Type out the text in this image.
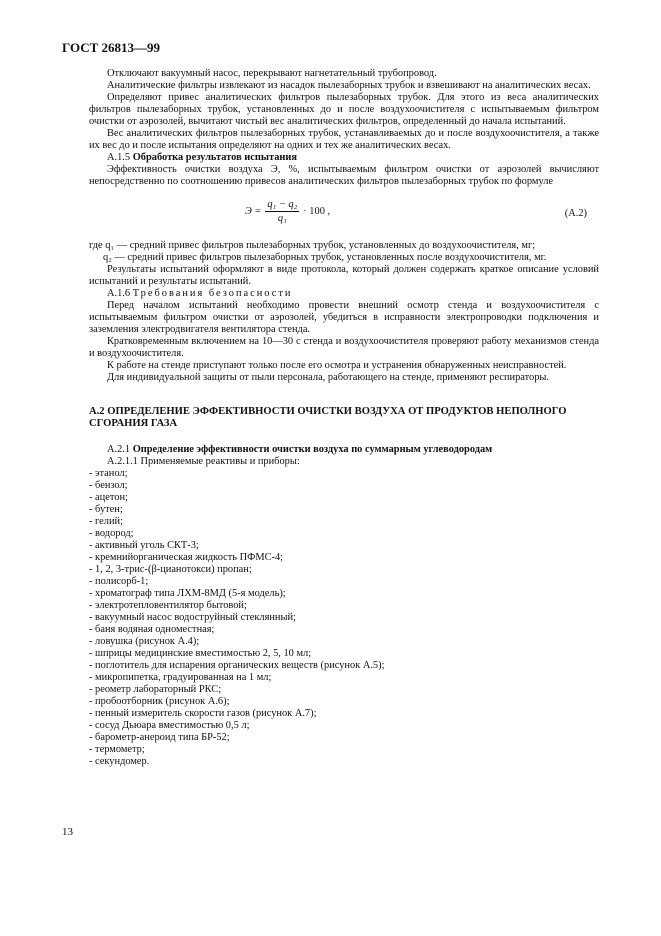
ГОСТ 26813—99
Отключают вакуумный насос, перекрывают нагнетательный трубопровод.
Аналитические фильтры извлекают из насадок пылезаборных трубок и взвешивают на аналитических весах.
Определяют привес аналитических фильтров пылезаборных трубок. Для этого из веса аналитических фильтров пылезаборных трубок, установленных до и после воздухоочистителя с испытываемым фильтром очистки от аэрозолей, вычитают чистый вес аналитических фильтров, определенный до начала испытаний.
Вес аналитических фильтров пылезаборных трубок, устанавливаемых до и после воздухоочистителя, а также их вес до и после испытания определяют на одних и тех же аналитических весах.
А.1.5 Обработка результатов испытания
Эффективность очистки воздуха Э, %, испытываемым фильтром очистки от аэрозолей вычисляют непосредственно по соотношению привесов аналитических фильтров пылезаборных трубок по формуле
$Э = \frac{\text{q₁ − q₂}}{\text{q₁}} \cdot 100$ ,	(А.2)
где q₁ — средний привес фильтров пылезаборных трубок, установленных до воздухоочистителя, мг;
q₂ — средний привес фильтров пылезаборных трубок, установленных после воздухоочистителя, мг.
Результаты испытаний оформляют в виде протокола, который должен содержать краткое описание условий испытаний и результаты испытаний.
А.1.6 Требования безопасности
Перед началом испытаний необходимо провести внешний осмотр стенда и воздухоочистителя с испытываемым фильтром очистки от аэрозолей, убедиться в исправности электропроводки подключения и заземления электродвигателя вентилятора стенда.
Кратковременным включением на 10—30 с стенда и воздухоочистителя проверяют работу механизмов стенда и воздухоочистителя.
К работе на стенде приступают только после его осмотра и устранения обнаруженных неисправностей.
Для индивидуальной защиты от пыли персонала, работающего на стенде, применяют респираторы.
А.2 ОПРЕДЕЛЕНИЕ ЭФФЕКТИВНОСТИ ОЧИСТКИ ВОЗДУХА ОТ ПРОДУКТОВ НЕПОЛНОГО СГОРАНИЯ ГАЗА
А.2.1 Определение эффективности очистки воздуха по суммарным углеводородам
А.2.1.1 Применяемые реактивы и приборы:
- этанол;
- бензол;
- ацетон;
- бутен;
- гелий;
- водород;
- активный уголь СКТ-3;
- кремнийорганическая жидкость ПФМС-4;
- 1, 2, 3-трис-(β-цианотокси) пропан;
- полисорб-1;
- хроматограф типа ЛХМ-8МД (5-я модель);
- электротепловентилятор бытовой;
- вакуумный насос водоструйный стеклянный;
- баня водяная одноместная;
- ловушка (рисунок А.4);
- шприцы медицинские вместимостью 2, 5, 10 мл;
- поглотитель для испарения органических веществ (рисунок А.5);
- микропипетка, градуированная на 1 мл;
- реометр лабораторный РКС;
- пробоотборник (рисунок А.6);
- пенный измеритель скорости газов (рисунок А.7);
- сосуд Дьюара вместимостью 0,5 л;
- барометр-анероид типа БР-52;
- термометр;
- секундомер.
13
